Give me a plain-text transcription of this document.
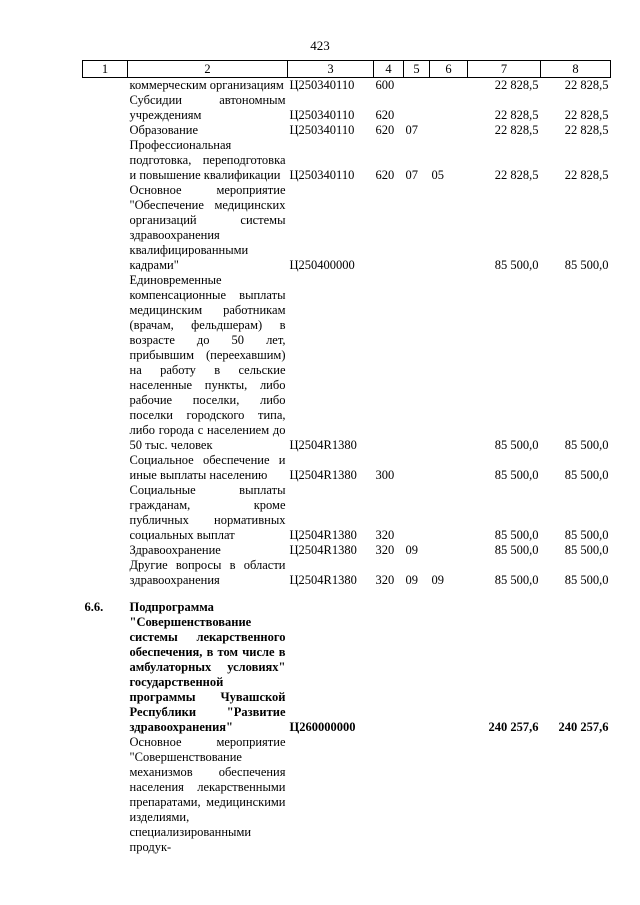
423
1	2	3	4	5	6	7	8
	коммерческим организациям	Ц250340110	600			22 828,5	22 828,5
	Субсидии автономным учреждениям	Ц250340110	620			22 828,5	22 828,5
	Образование	Ц250340110	620	07		22 828,5	22 828,5
	Профессиональная подготовка, переподготовка и повышение квалификации	Ц250340110	620	07	05	22 828,5	22 828,5
	Основное мероприятие "Обеспечение медицинских организаций системы здравоохранения квалифицированными кадрами"	Ц250400000				85 500,0	85 500,0
	Единовременные компенсационные выплаты медицинским работникам (врачам, фельдшерам) в возрасте до 50 лет, прибывшим (переехавшим) на работу в сельские населенные пункты, либо рабочие поселки, либо поселки городского типа, либо города с населением до 50 тыс. человек	Ц2504R1380				85 500,0	85 500,0
	Социальное обеспечение и иные выплаты населению	Ц2504R1380	300			85 500,0	85 500,0
	Социальные выплаты гражданам, кроме публичных нормативных социальных выплат	Ц2504R1380	320			85 500,0	85 500,0
	Здравоохранение	Ц2504R1380	320	09		85 500,0	85 500,0
	Другие вопросы в области здравоохранения	Ц2504R1380	320	09	09	85 500,0	85 500,0

6.6.	Подпрограмма "Совершенствование системы лекарственного обеспечения, в том числе в амбулаторных условиях" государственной программы Чувашской Республики "Развитие здравоохранения"	Ц260000000				240 257,6	240 257,6
	Основное мероприятие "Совершенствование механизмов обеспечения населения лекарственными препаратами, медицинскими изделиями, специализированными продук-						
